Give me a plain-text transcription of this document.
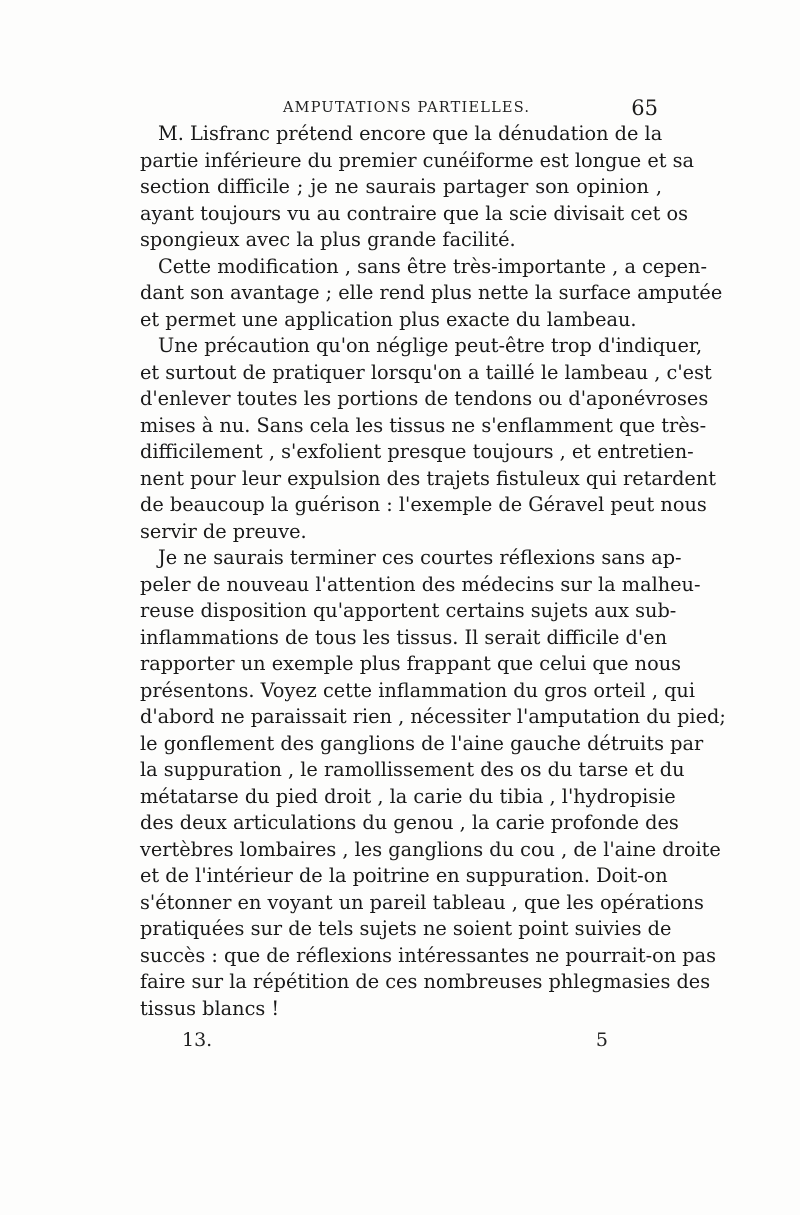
AMPUTATIONS PARTIELLES.	65
M. Lisfranc prétend encore que la dénudation de la
partie inférieure du premier cunéiforme est longue et sa
section difficile ; je ne saurais partager son opinion ,
ayant toujours vu au contraire que la scie divisait cet os
spongieux avec la plus grande facilité.
Cette modification , sans être très-importante , a cepen-
dant son avantage ; elle rend plus nette la surface amputée
et permet une application plus exacte du lambeau.
Une précaution qu'on néglige peut-être trop d'indiquer,
et surtout de pratiquer lorsqu'on a taillé le lambeau , c'est
d'enlever toutes les portions de tendons ou d'aponévroses
mises à nu. Sans cela les tissus ne s'enflamment que très-
difficilement , s'exfolient presque toujours , et entretien-
nent pour leur expulsion des trajets fistuleux qui retardent
de beaucoup la guérison : l'exemple de Géravel peut nous
servir de preuve.
Je ne saurais terminer ces courtes réflexions sans ap-
peler de nouveau l'attention des médecins sur la malheu-
reuse disposition qu'apportent certains sujets aux sub-
inflammations de tous les tissus. Il serait difficile d'en
rapporter un exemple plus frappant que celui que nous
présentons. Voyez cette inflammation du gros orteil , qui
d'abord ne paraissait rien , nécessiter l'amputation du pied;
le gonflement des ganglions de l'aine gauche détruits par
la suppuration , le ramollissement des os du tarse et du
métatarse du pied droit , la carie du tibia , l'hydropisie
des deux articulations du genou , la carie profonde des
vertèbres lombaires , les ganglions du cou , de l'aine droite
et de l'intérieur de la poitrine en suppuration. Doit-on
s'étonner en voyant un pareil tableau , que les opérations
pratiquées sur de tels sujets ne soient point suivies de
succès : que de réflexions intéressantes ne pourrait-on pas
faire sur la répétition de ces nombreuses phlegmasies des
tissus blancs !
13.	5
